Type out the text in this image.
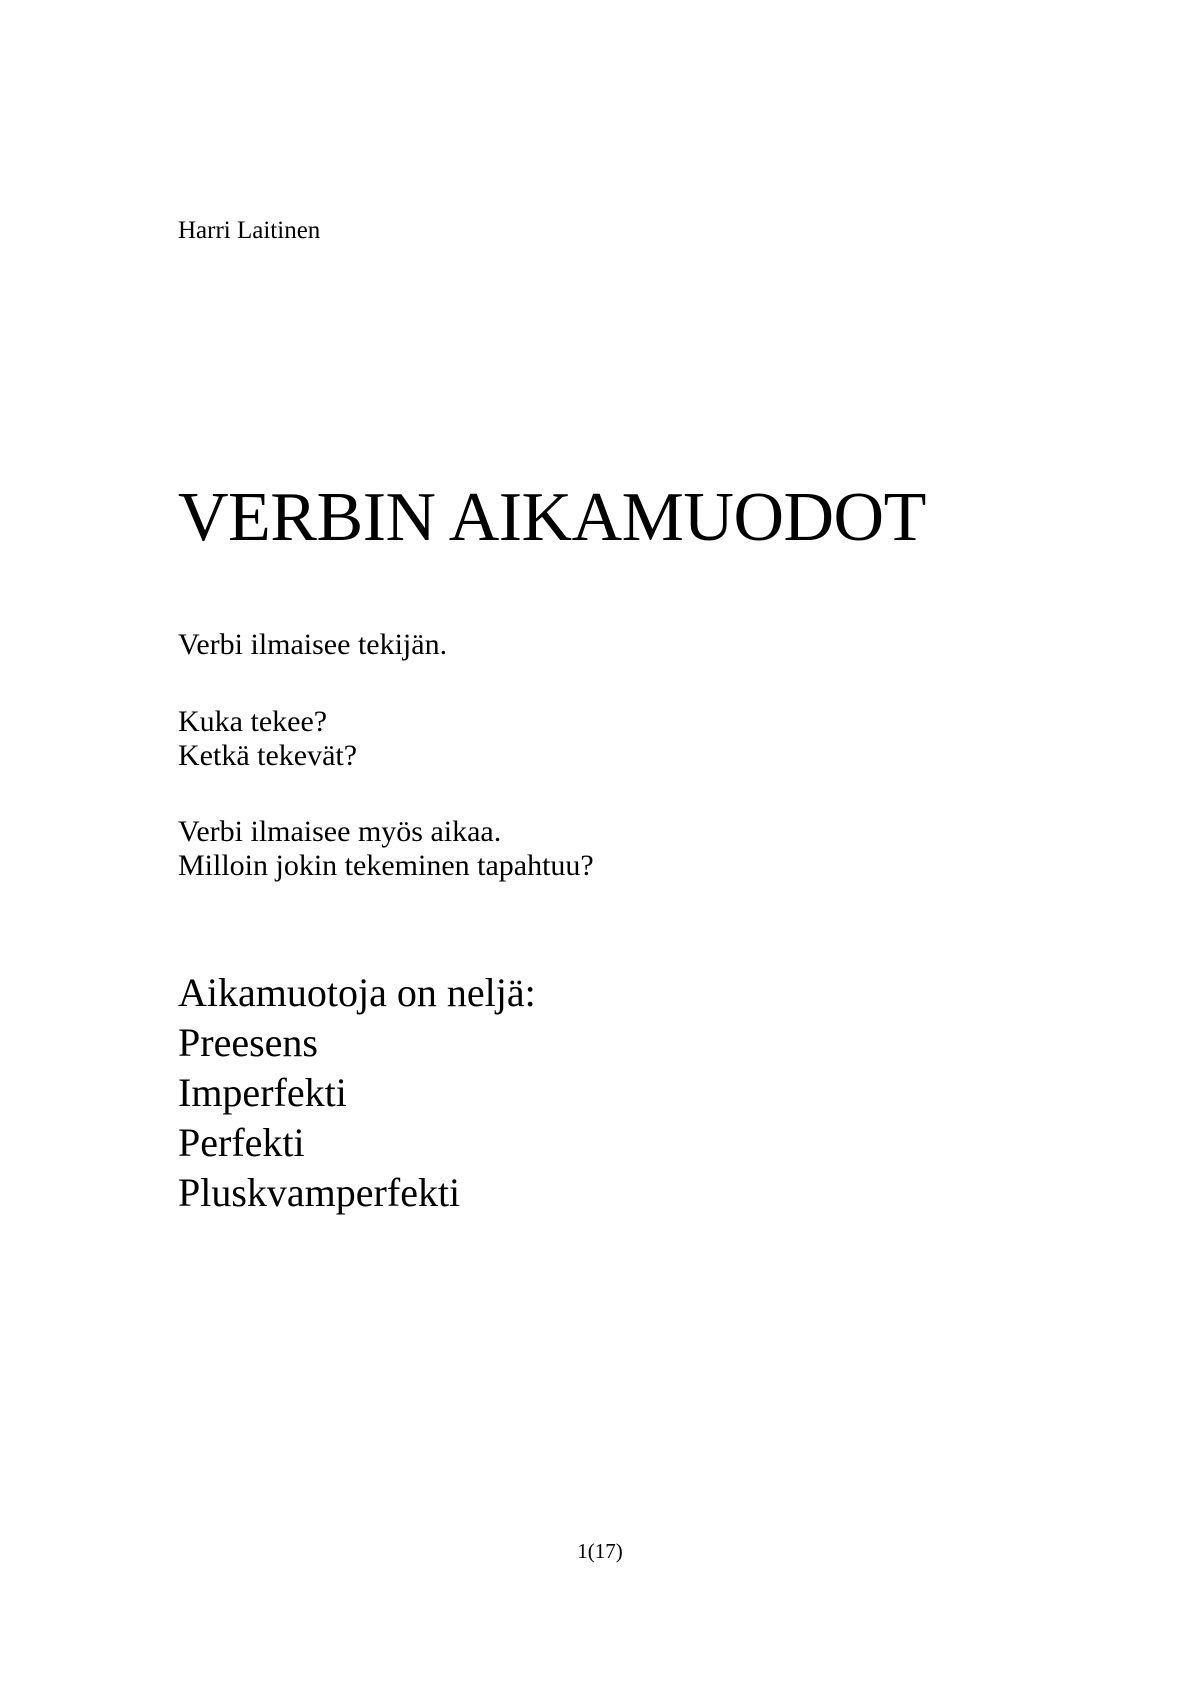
Harri Laitinen
VERBIN AIKAMUODOT
Verbi ilmaisee tekijän.
Kuka tekee?
Ketkä tekevät?
Verbi ilmaisee myös aikaa.
Milloin jokin tekeminen tapahtuu?
Aikamuotoja on neljä:
Preesens
Imperfekti
Perfekti
Pluskvamperfekti
1(17)
